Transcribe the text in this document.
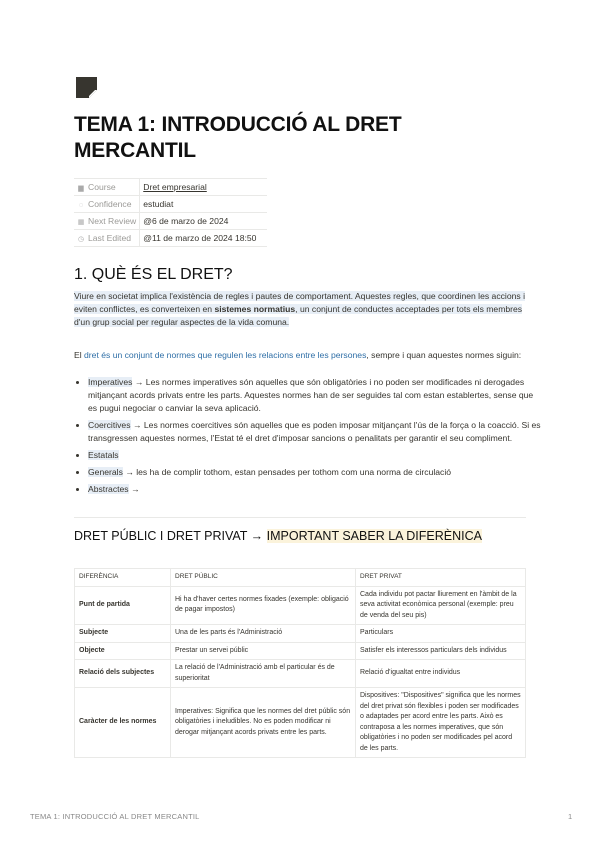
TEMA 1: INTRODUCCIÓ AL DRET MERCANTIL
▆ Course	Dret empresarial
◌ Confidence	estudiat
▦ Next Review	@6 de marzo de 2024
◷ Last Edited	@11 de marzo de 2024 18:50
1. QUÈ ÉS EL DRET?
Viure en societat implica l'existència de regles i pautes de comportament. Aquestes regles, que coordinen les accions i eviten conflictes, es converteixen en sistemes normatius, un conjunt de conductes acceptades per tots els membres d'un grup social per regular aspectes de la vida comuna.
El dret és un conjunt de normes que regulen les relacions entre les persones, sempre i quan aquestes normes siguin:
• Imperatives → Les normes imperatives són aquelles que són obligatòries i no poden ser modificades ni derogades mitjançant acords privats entre les parts. Aquestes normes han de ser seguides tal com estan establertes, sense que es pugui negociar o canviar la seva aplicació.
• Coercitives → Les normes coercitives són aquelles que es poden imposar mitjançant l'ús de la força o la coacció. Si es transgressen aquestes normes, l'Estat té el dret d'imposar sancions o penalitats per garantir el seu compliment.
• Estatals
• Generals → les ha de complir tothom, estan pensades per tothom com una norma de circulació
• Abstractes →
DRET PÚBLIC I DRET PRIVAT → IMPORTANT SABER LA DIFERÈNICA
DIFERÈNCIA	DRET PÚBLIC	DRET PRIVAT
Punt de partida	Hi ha d'haver certes normes fixades (exemple: obligació de pagar impostos)	Cada individu pot pactar lliurement en l'àmbit de la seva activitat econòmica personal (exemple: preu de venda del seu pis)
Subjecte	Una de les parts és l'Administració	Particulars
Objecte	Prestar un servei públic	Satisfer els interessos particulars dels individus
Relació dels subjectes	La relació de l'Administració amb el particular és de superioritat	Relació d'igualtat entre individus
Caràcter de les normes	Imperatives: Significa que les normes del dret públic són obligatòries i ineludibles. No es poden modificar ni derogar mitjançant acords privats entre les parts.	Dispositives: "Dispositives" significa que les normes del dret privat són flexibles i poden ser modificades o adaptades per acord entre les parts. Això es contraposa a les normes imperatives, que són obligatòries i no poden ser modificades pel acord de les parts.
TEMA 1: INTRODUCCIÓ AL DRET MERCANTIL	1
